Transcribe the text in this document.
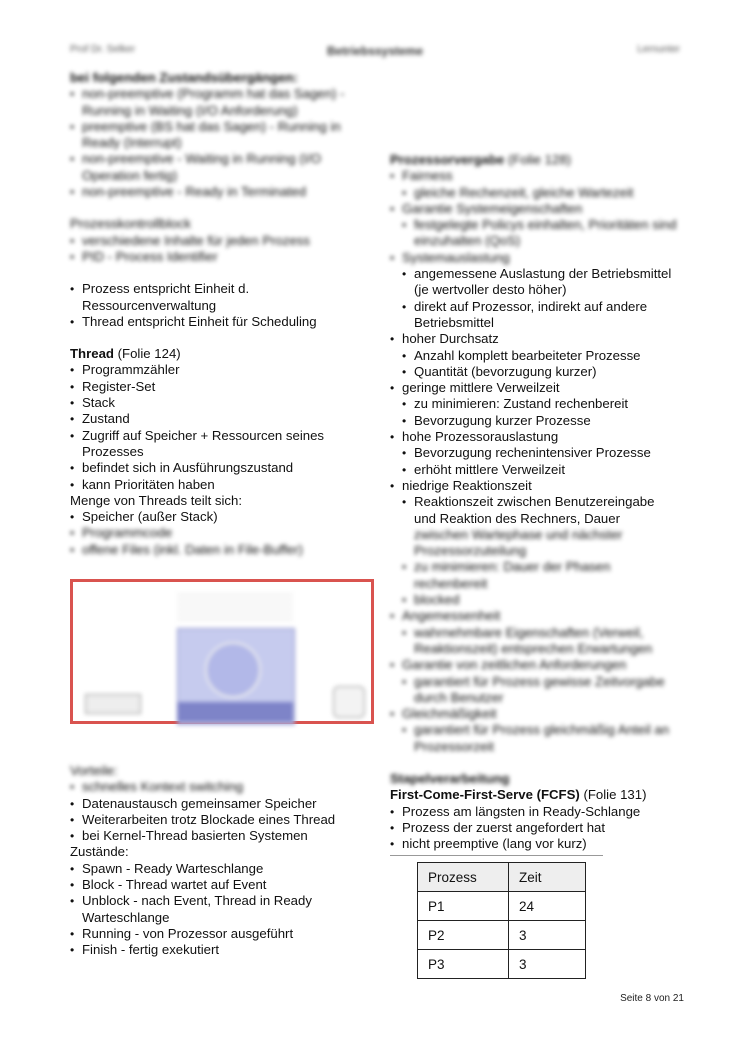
Prof Dr. Selker	Betriebssysteme	Lernunter
bei folgenden Zustandsübergängen:
• non-preemptive (Programm hat das Sagen) - Running in Waiting (I/O Anforderung)
• preemptive (BS hat das Sagen) - Running in Ready (Interrupt)
• non-preemptive - Waiting in Running (I/O Operation fertig)
• non-preemptive - Ready in Terminated
Prozesskontrollblock
• verschiedene Inhalte für jeden Prozess
• PID - Process Identifier
• Prozess entspricht Einheit d. Ressourcenverwaltung
• Thread entspricht Einheit für Scheduling
Thread (Folie 124)
• Programmzähler
• Register-Set
• Stack
• Zustand
• Zugriff auf Speicher + Ressourcen seines Prozesses
• befindet sich in Ausführungszustand
• kann Prioritäten haben
Menge von Threads teilt sich:
• Speicher (außer Stack)
• Programmcode
• offene Files (inkl. Daten in File-Buffer)
Vorteile:
• schnelles Kontext switching
• Datenaustausch gemeinsamer Speicher
• Weiterarbeiten trotz Blockade eines Thread
• bei Kernel-Thread basierten Systemen
Zustände:
• Spawn - Ready Warteschlange
• Block - Thread wartet auf Event
• Unblock - nach Event, Thread in Ready Warteschlange
• Running - von Prozessor ausgeführt
• Finish - fertig exekutiert
Prozessorvergabe (Folie 128)
• Fairness
• gleiche Rechenzeit, gleiche Wartezeit
• Garantie Systemeigenschaften
• festgelegte Policys einhalten, Prioritäten sind einzuhalten (QoS)
• Systemauslastung
• angemessene Auslastung der Betriebsmittel (je wertvoller desto höher)
• direkt auf Prozessor, indirekt auf andere Betriebsmittel
• hoher Durchsatz
• Anzahl komplett bearbeiteter Prozesse
• Quantität (bevorzugung kurzer)
• geringe mittlere Verweilzeit
• zu minimieren: Zustand rechenbereit
• Bevorzugung kurzer Prozesse
• hohe Prozessorauslastung
• Bevorzugung rechenintensiver Prozesse
• erhöht mittlere Verweilzeit
• niedrige Reaktionszeit
• Reaktionszeit zwischen Benutzereingabe und Reaktion des Rechners, Dauer
zwischen Wartephase und nächster Prozessorzuteilung
• zu minimieren: Dauer der Phasen rechenbereit
• blocked
• Angemessenheit
• wahrnehmbare Eigenschaften (Verweil, Reaktionszeit) entsprechen Erwartungen
• Garantie von zeitlichen Anforderungen
• garantiert für Prozess gewisse Zeitvorgabe durch Benutzer
• Gleichmäßigkeit
• garantiert für Prozess gleichmäßig Anteil an Prozessorzeit
Stapelverarbeitung
First-Come-First-Serve (FCFS) (Folie 131)
• Prozess am längsten in Ready-Schlange
• Prozess der zuerst angefordert hat
• nicht preemptive (lang vor kurz)
Prozess	Zeit
P1	24
P2	3
P3	3
Seite 8 von 21
